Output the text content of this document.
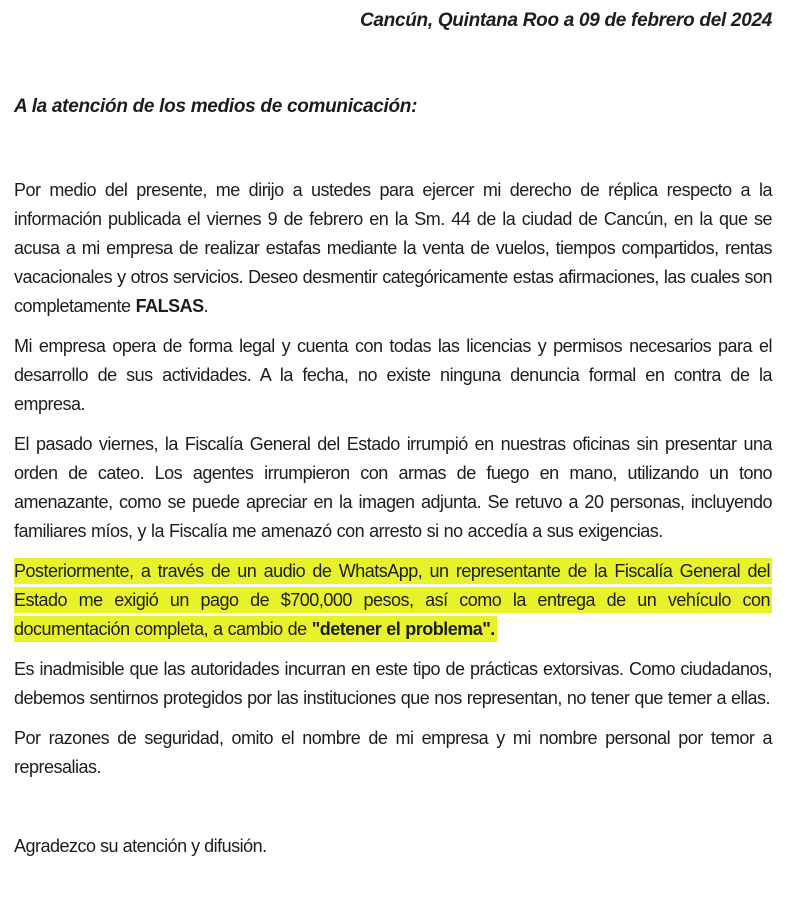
Cancún, Quintana Roo a 09 de febrero del 2024

A la atención de los medios de comunicación:

Por medio del presente, me dirijo a ustedes para ejercer mi derecho de réplica respecto a la información publicada el viernes 9 de febrero en la Sm. 44 de la ciudad de Cancún, en la que se acusa a mi empresa de realizar estafas mediante la venta de vuelos, tiempos compartidos, rentas vacacionales y otros servicios. Deseo desmentir categóricamente estas afirmaciones, las cuales son completamente FALSAS.

Mi empresa opera de forma legal y cuenta con todas las licencias y permisos necesarios para el desarrollo de sus actividades. A la fecha, no existe ninguna denuncia formal en contra de la empresa.

El pasado viernes, la Fiscalía General del Estado irrumpió en nuestras oficinas sin presentar una orden de cateo. Los agentes irrumpieron con armas de fuego en mano, utilizando un tono amenazante, como se puede apreciar en la imagen adjunta. Se retuvo a 20 personas, incluyendo familiares míos, y la Fiscalía me amenazó con arresto si no accedía a sus exigencias.

Posteriormente, a través de un audio de WhatsApp, un representante de la Fiscalía General del Estado me exigió un pago de $700,000 pesos, así como la entrega de un vehículo con documentación completa, a cambio de "detener el problema".

Es inadmisible que las autoridades incurran en este tipo de prácticas extorsivas. Como ciudadanos, debemos sentirnos protegidos por las instituciones que nos representan, no tener que temer a ellas.

Por razones de seguridad, omito el nombre de mi empresa y mi nombre personal por temor a represalias.

Agradezco su atención y difusión.
